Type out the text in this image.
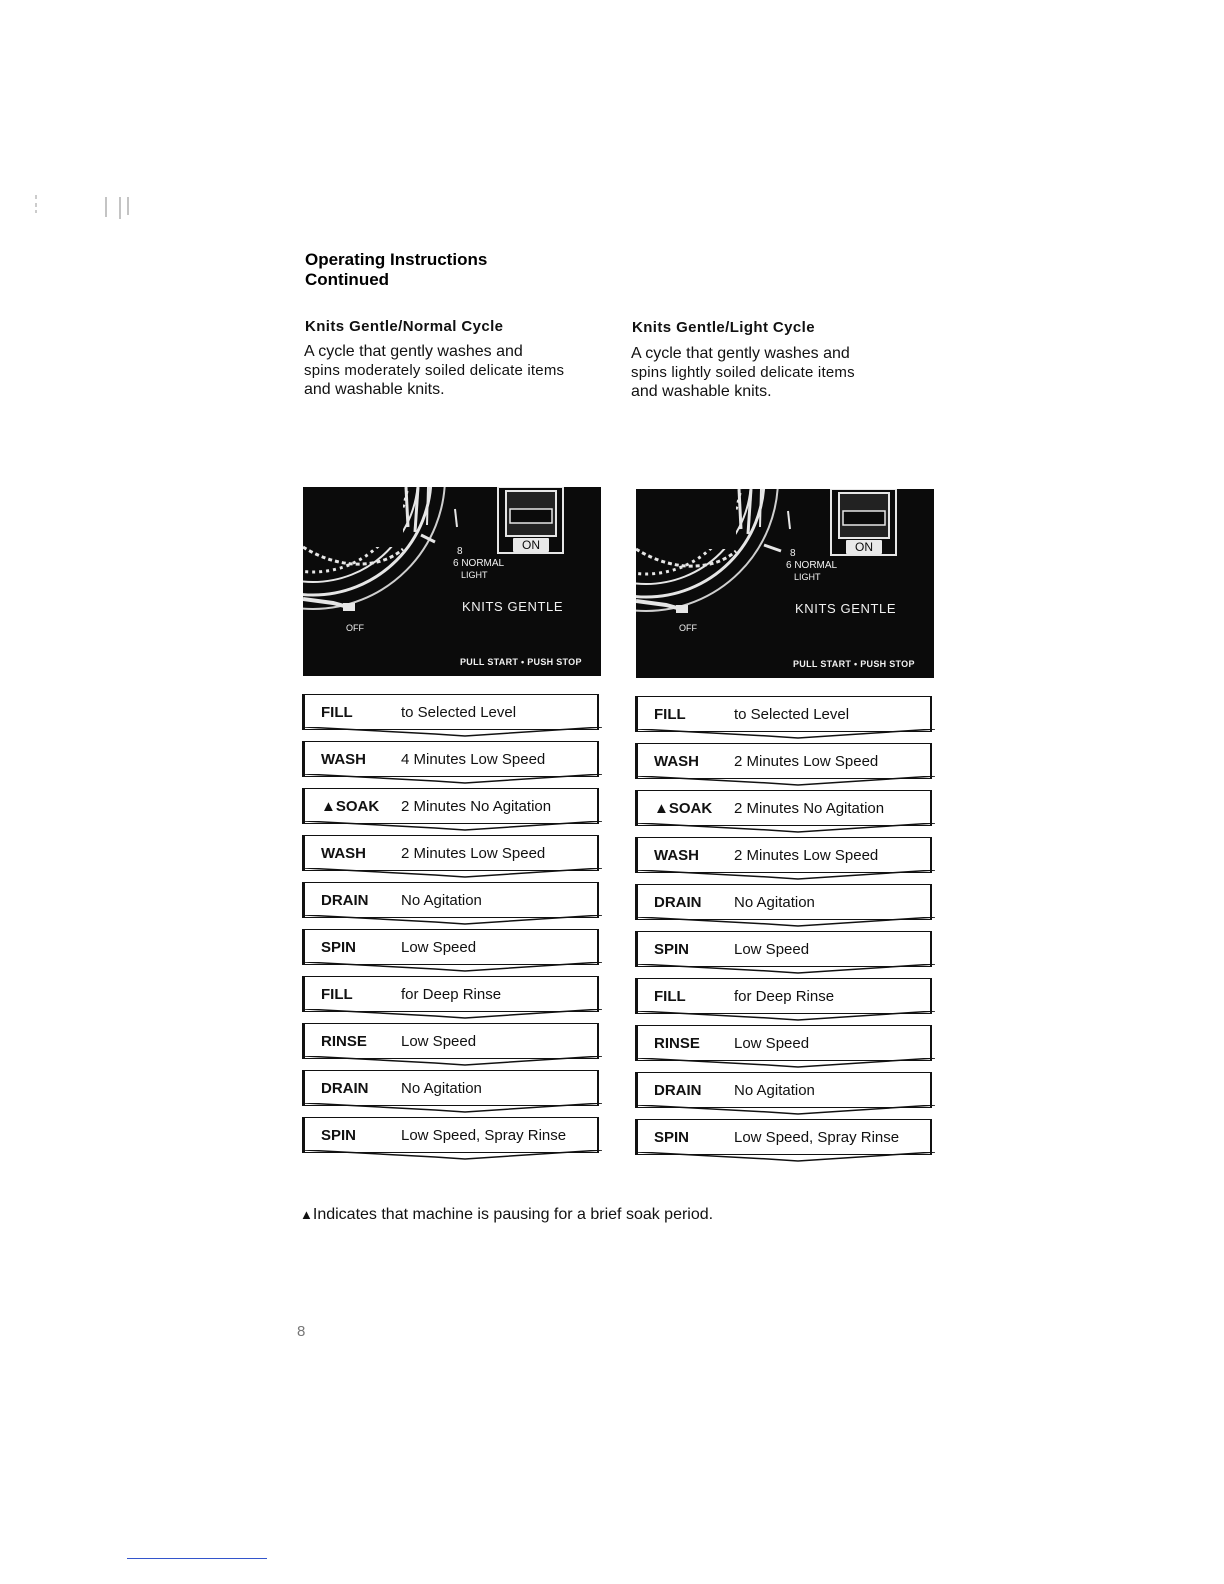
Operating Instructions
Continued
Knits Gentle/Normal Cycle
A cycle that gently washes and
spins moderately soiled delicate items
and washable knits.
Knits Gentle/Light Cycle
A cycle that gently washes and
spins lightly soiled delicate items
and washable knits.
ON
8
6 NORMAL
LIGHT
KNITS GENTLE
OFF
PULL START • PUSH STOP
ON
8
6 NORMAL
LIGHT
KNITS GENTLE
OFF
PULL START • PUSH STOP
FILL	to Selected Level
WASH 4 Minutes Low Speed
▲SOAK 2 Minutes No Agitation
WASH 2 Minutes Low Speed
DRAIN No Agitation
SPIN	Low Speed
FILL	for Deep Rinse
RINSE Low Speed
DRAIN No Agitation
SPIN	Low Speed, Spray Rinse
FILL	to Selected Level
WASH 2 Minutes Low Speed
▲SOAK 2 Minutes No Agitation
WASH 2 Minutes Low Speed
DRAIN No Agitation
SPIN	Low Speed
FILL	for Deep Rinse
RINSE Low Speed
DRAIN No Agitation
SPIN	Low Speed, Spray Rinse
▲Indicates that machine is pausing for a brief soak period.
8
